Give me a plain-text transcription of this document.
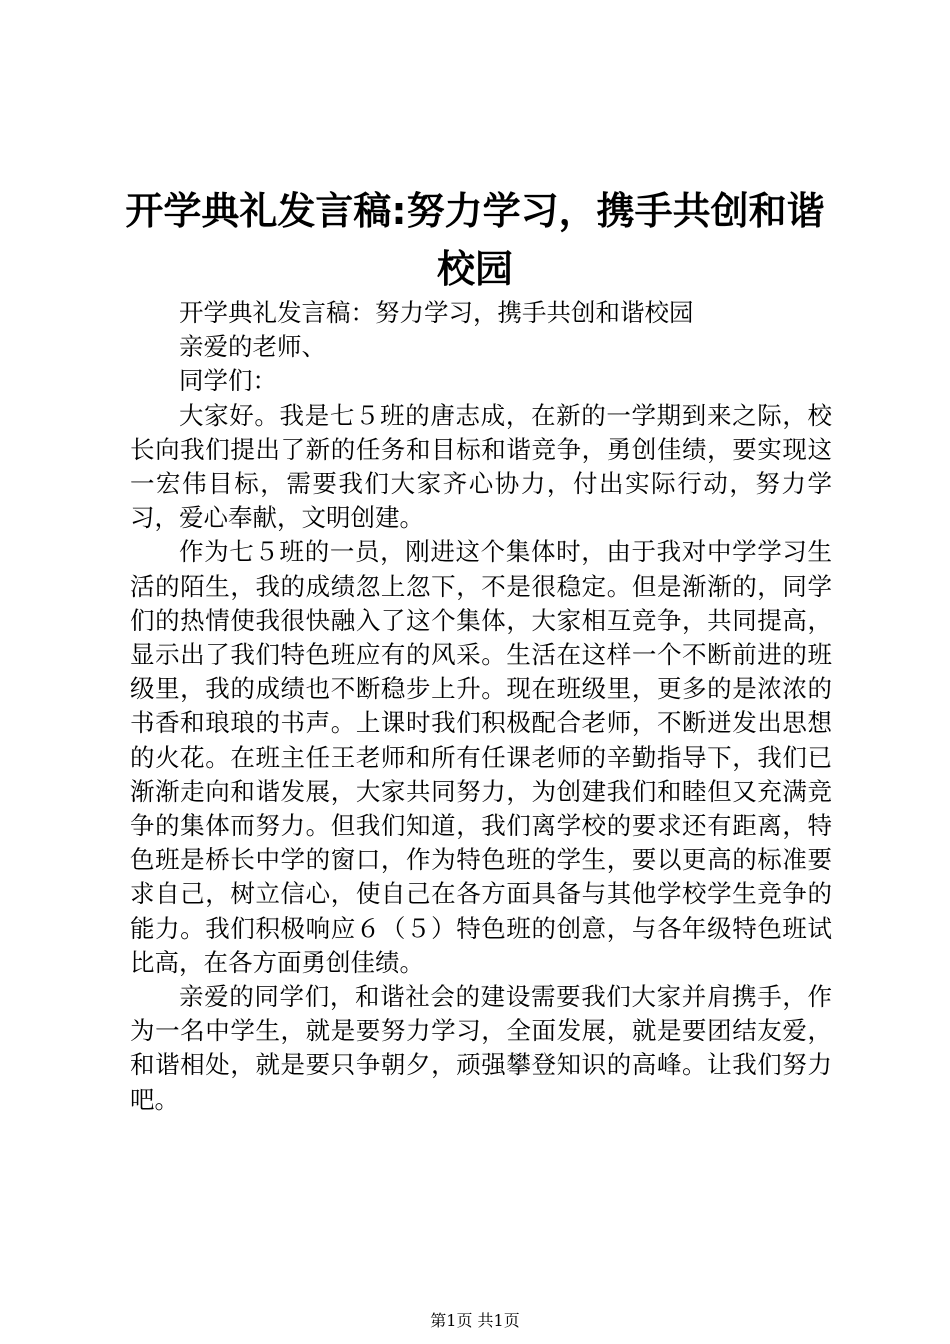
开学典礼发言稿:努力学习，携手共创和谐校园

开学典礼发言稿：努力学习，携手共创和谐校园

亲爱的老师、

同学们：

大家好。我是七５班的唐志成，在新的一学期到来之际，校长向我们提出了新的任务和目标和谐竞争，勇创佳绩，要实现这一宏伟目标，需要我们大家齐心协力，付出实际行动，努力学习，爱心奉献，文明创建。

作为七５班的一员，刚进这个集体时，由于我对中学学习生活的陌生，我的成绩忽上忽下，不是很稳定。但是渐渐的，同学们的热情使我很快融入了这个集体，大家相互竞争，共同提高，显示出了我们特色班应有的风采。生活在这样一个不断前进的班级里，我的成绩也不断稳步上升。现在班级里，更多的是浓浓的书香和琅琅的书声。上课时我们积极配合老师，不断迸发出思想的火花。在班主任王老师和所有任课老师的辛勤指导下，我们已渐渐走向和谐发展，大家共同努力，为创建我们和睦但又充满竞争的集体而努力。但我们知道，我们离学校的要求还有距离，特色班是桥长中学的窗口，作为特色班的学生，要以更高的标准要求自己，树立信心，使自己在各方面具备与其他学校学生竞争的能力。我们积极响应６（５）特色班的创意，与各年级特色班试比高，在各方面勇创佳绩。

亲爱的同学们，和谐社会的建设需要我们大家并肩携手，作为一名中学生，就是要努力学习，全面发展，就是要团结友爱，和谐相处，就是要只争朝夕，顽强攀登知识的高峰。让我们努力吧。

第1页 共1页
